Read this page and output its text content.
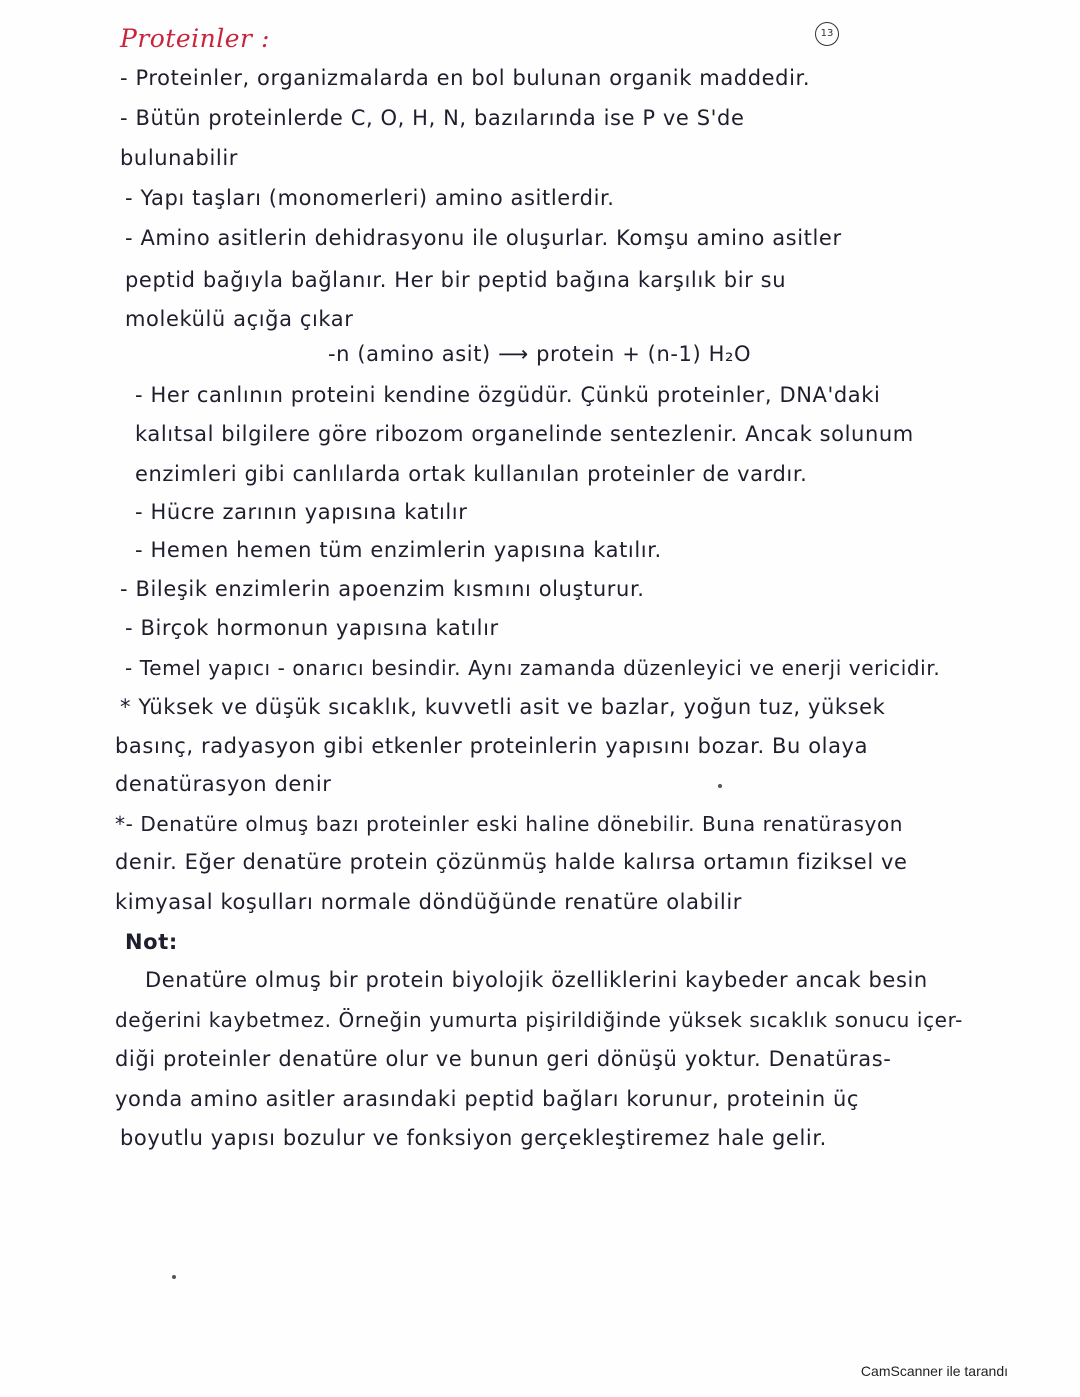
Proteinler :	13
- Proteinler, organizmalarda en bol bulunan organik maddedir.
- Bütün proteinlerde C, O, H, N, bazılarında ise P ve S'de
bulunabilir
- Yapı taşları (monomerleri) amino asitlerdir.
- Amino asitlerin dehidrasyonu ile oluşurlar. Komşu amino asitler
peptid bağıyla bağlanır. Her bir peptid bağına karşılık bir su
molekülü açığa çıkar
-n (amino asit) ⟶ protein + (n-1) H₂O
- Her canlının proteini kendine özgüdür. Çünkü proteinler, DNA'daki
kalıtsal bilgilere göre ribozom organelinde sentezlenir. Ancak solunum
enzimleri gibi canlılarda ortak kullanılan proteinler de vardır.
- Hücre zarının yapısına katılır
- Hemen hemen tüm enzimlerin yapısına katılır.
- Bileşik enzimlerin apoenzim kısmını oluşturur.
- Birçok hormonun yapısına katılır
- Temel yapıcı - onarıcı besindir. Aynı zamanda düzenleyici ve enerji vericidir.
* Yüksek ve düşük sıcaklık, kuvvetli asit ve bazlar, yoğun tuz, yüksek
basınç, radyasyon gibi etkenler proteinlerin yapısını bozar. Bu olaya
denatürasyon denir
*- Denatüre olmuş bazı proteinler eski haline dönebilir. Buna renatürasyon
denir. Eğer denatüre protein çözünmüş halde kalırsa ortamın fiziksel ve
kimyasal koşulları normale döndüğünde renatüre olabilir
Not:
Denatüre olmuş bir protein biyolojik özelliklerini kaybeder ancak besin
değerini kaybetmez. Örneğin yumurta pişirildiğinde yüksek sıcaklık sonucu içer-
diği proteinler denatüre olur ve bunun geri dönüşü yoktur. Denatüras-
yonda amino asitler arasındaki peptid bağları korunur, proteinin üç
boyutlu yapısı bozulur ve fonksiyon gerçekleştiremez hale gelir.
CamScanner ile tarandı
